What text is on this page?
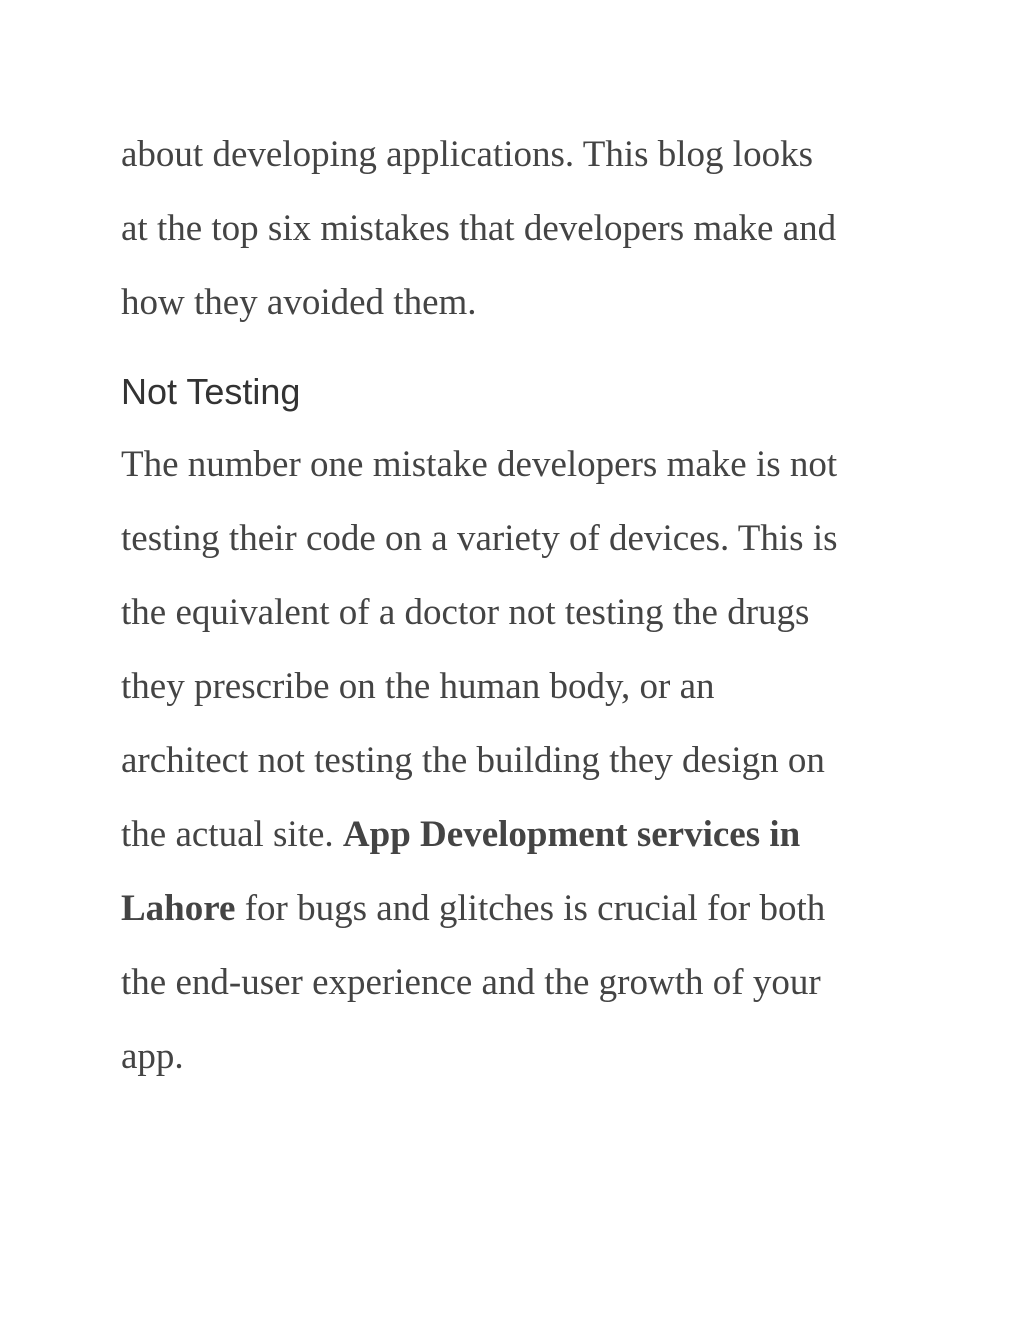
about developing applications. This blog looks
at the top six mistakes that developers make and
how they avoided them.

Not Testing

The number one mistake developers make is not
testing their code on a variety of devices. This is
the equivalent of a doctor not testing the drugs
they prescribe on the human body, or an
architect not testing the building they design on
the actual site. App Development services in
Lahore for bugs and glitches is crucial for both
the end-user experience and the growth of your
app.
